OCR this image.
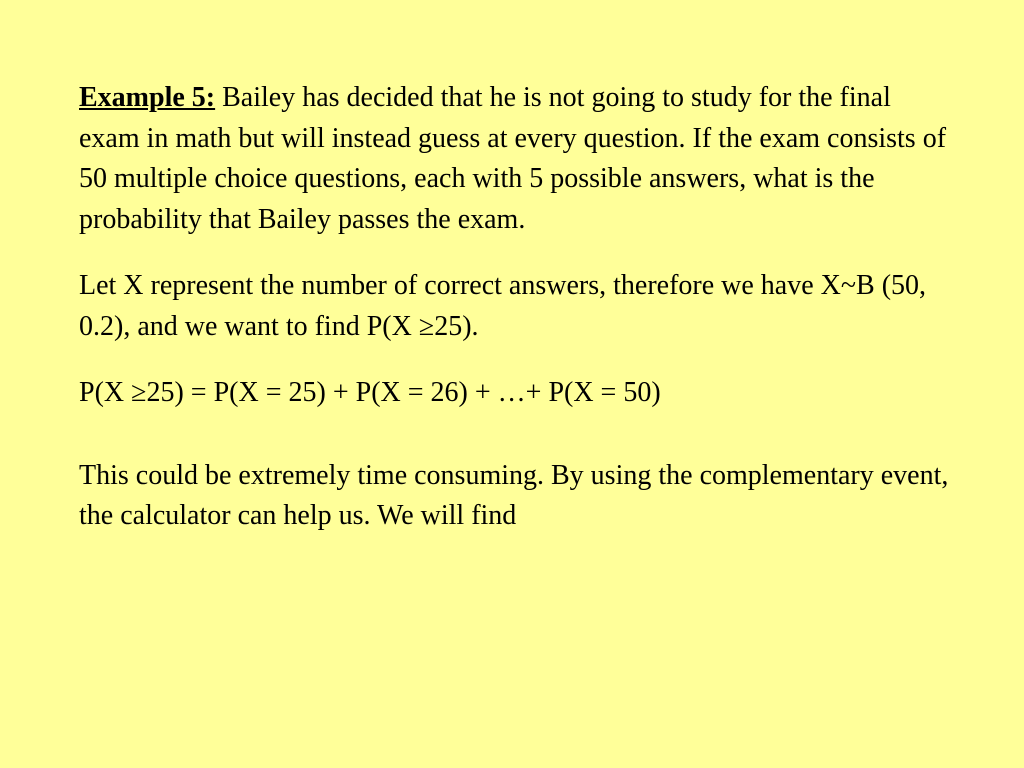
Example 5: Bailey has decided that he is not going to study for the final exam in math but will instead guess at every question. If the exam consists of 50 multiple choice questions, each with 5 possible answers, what is the probability that Bailey passes the exam.

Let X represent the number of correct answers, therefore we have X~B (50, 0.2), and we want to find P(X ≥25).

P(X ≥25) = P(X = 25) + P(X = 26) + …+ P(X = 50)

This could be extremely time consuming. By using the complementary event, the calculator can help us. We will find
